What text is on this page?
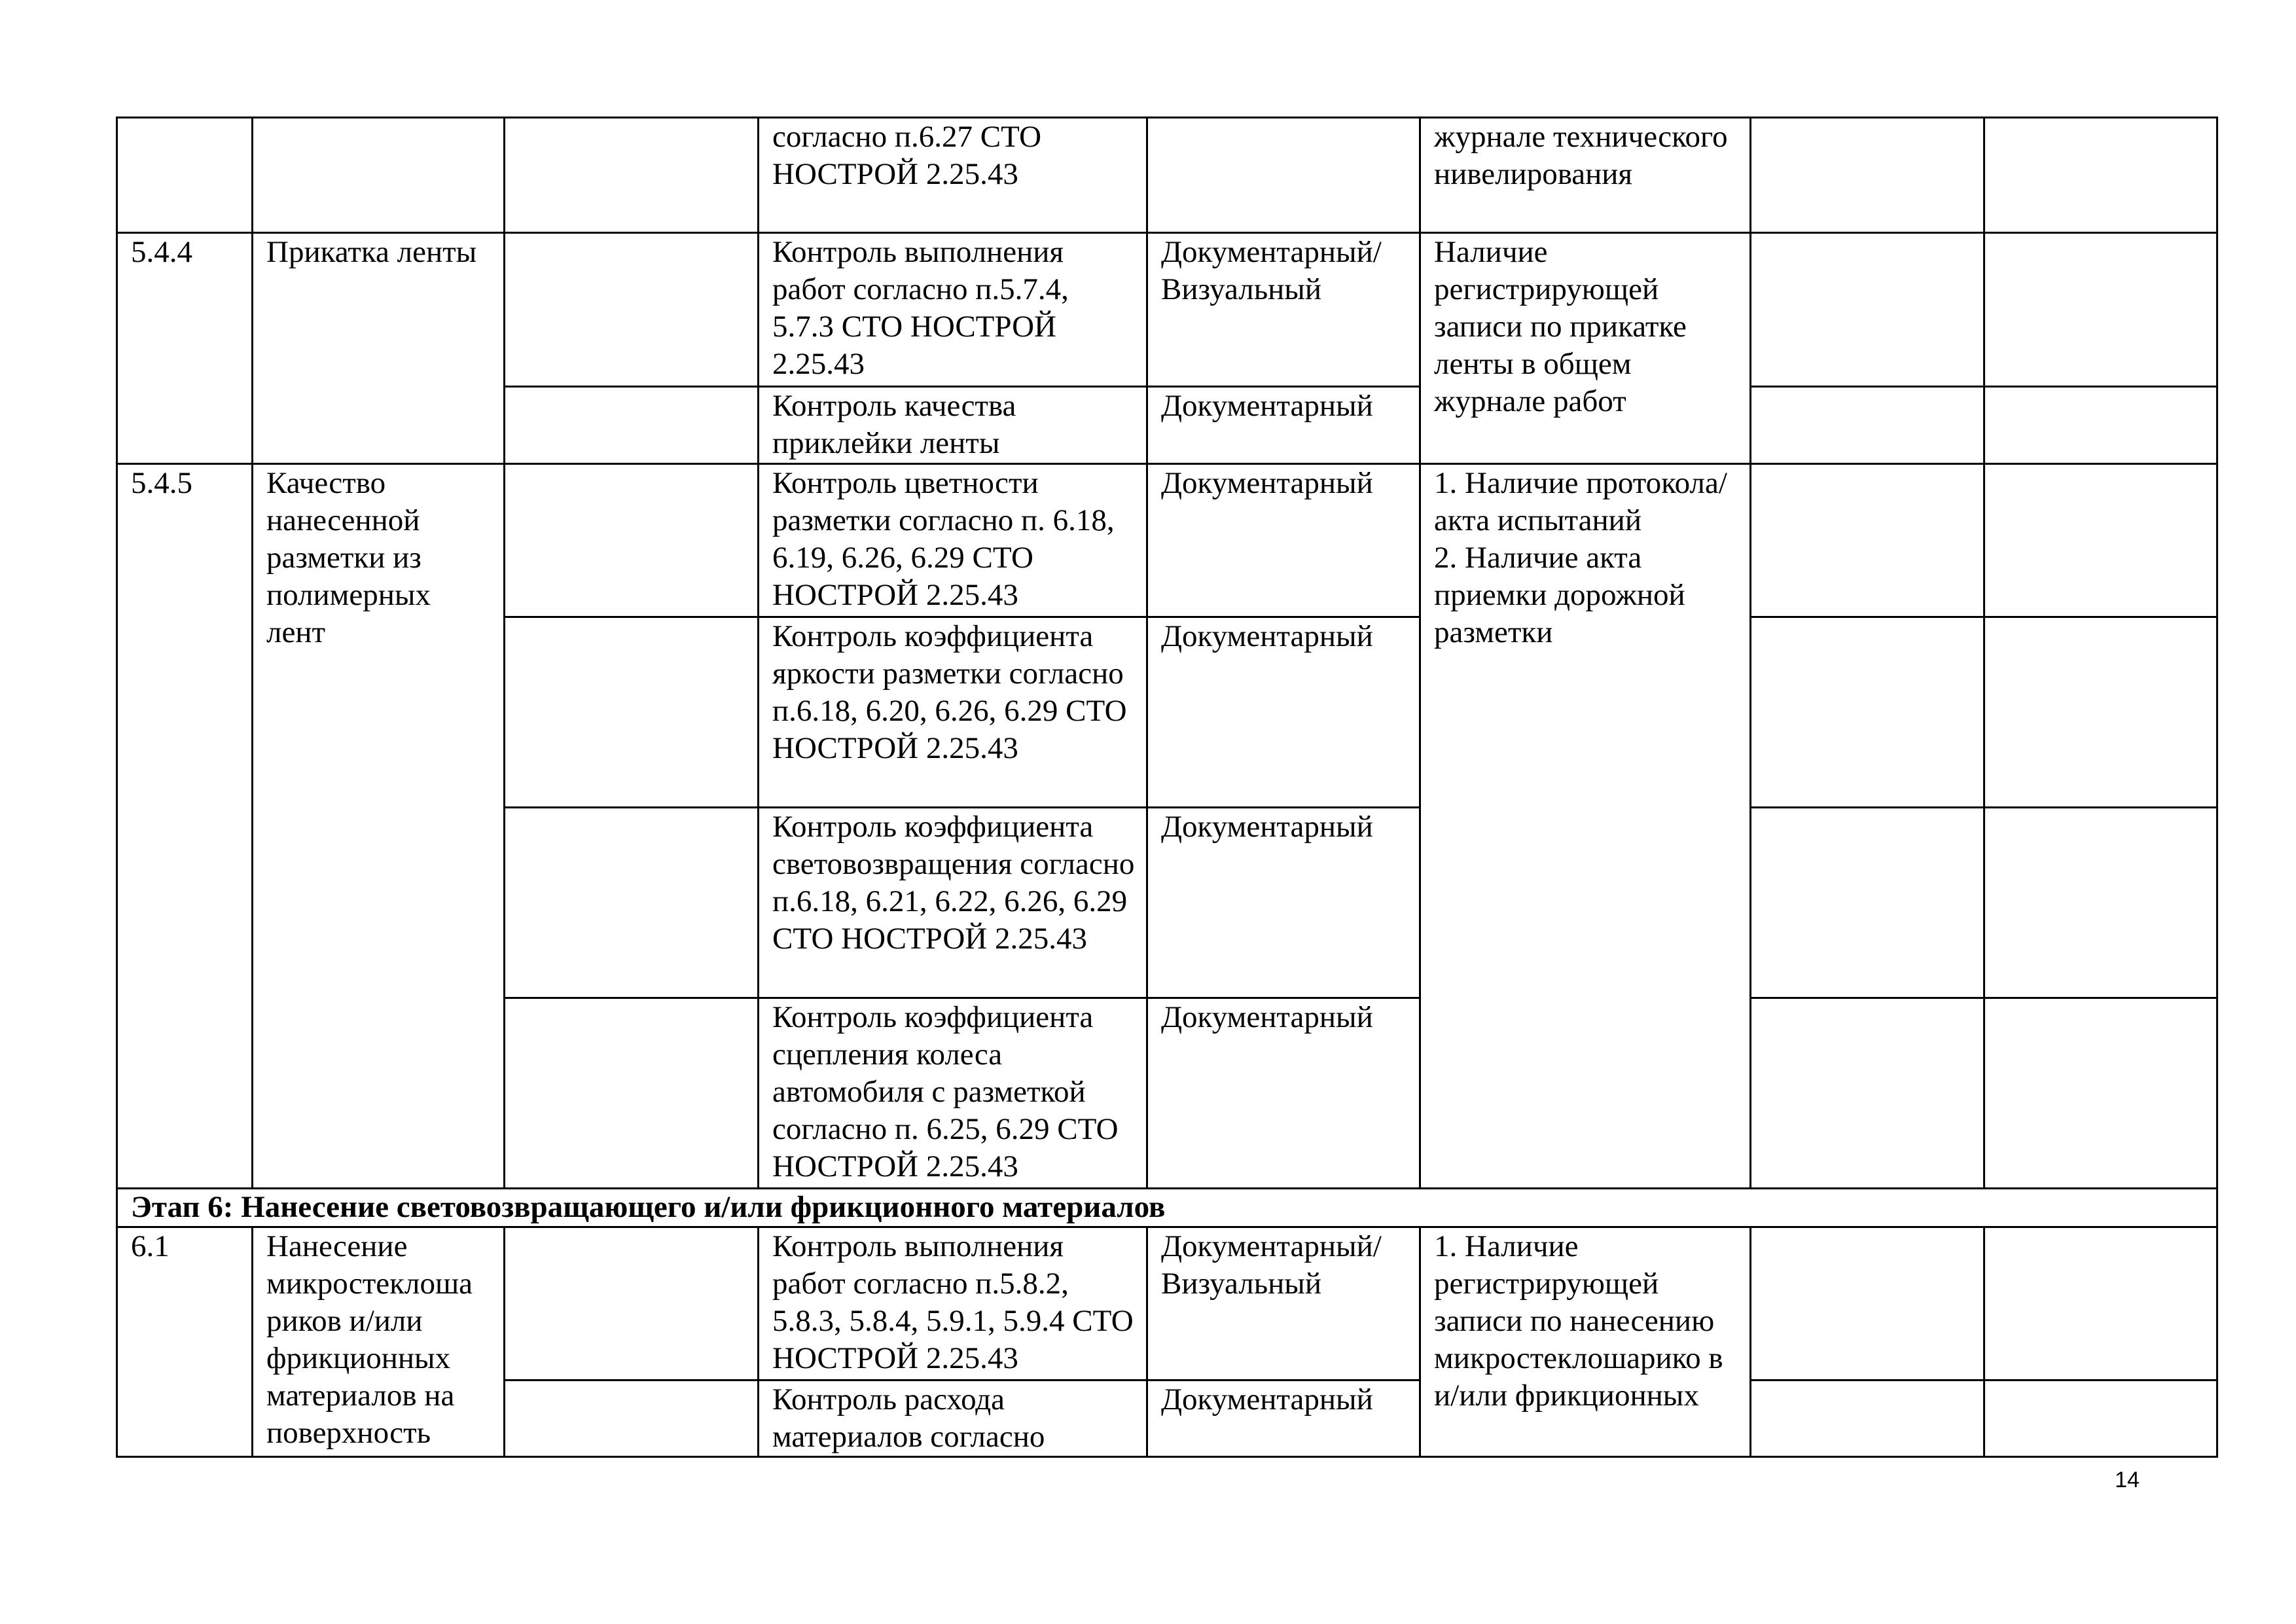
			согласно п.6.27 СТО НОСТРОЙ 2.25.43		журнале технического нивелирования		
5.4.4	Прикатка ленты		Контроль выполнения работ согласно п.5.7.4, 5.7.3 СТО НОСТРОЙ 2.25.43	Документарный/ Визуальный	Наличие регистрирующей записи по прикатке ленты в общем журнале работ		
			Контроль качества приклейки ленты	Документарный			
5.4.5	Качество нанесенной разметки из полимерных лент		Контроль цветности разметки согласно п. 6.18, 6.19, 6.26, 6.29 СТО НОСТРОЙ 2.25.43	Документарный	1. Наличие протокола/акта испытаний
2. Наличие акта приемки дорожной разметки		

			Контроль коэффициента яркости разметки согласно п.6.18, 6.20, 6.26, 6.29 СТО НОСТРОЙ 2.25.43	Документарный			
			Контроль коэффициента световозвращения согласно п.6.18, 6.21, 6.22, 6.26, 6.29 СТО НОСТРОЙ 2.25.43	Документарный			
			Контроль коэффициента сцепления колеса автомобиля с разметкой согласно п. 6.25, 6.29 СТО НОСТРОЙ 2.25.43	Документарный			
Этап 6: Нанесение световозвращающего и/или фрикционного материалов							
6.1	Нанесение микростеклоша риков и/или фрикционных материалов на поверхность		Контроль выполнения работ согласно п.5.8.2, 5.8.3, 5.8.4, 5.9.1, 5.9.4 СТО НОСТРОЙ 2.25.43	Документарный/ Визуальный	1. Наличие регистрирующей записи по нанесению микростеклошарико в и/или фрикционных		
			Контроль расхода материалов согласно	Документарный			
14
